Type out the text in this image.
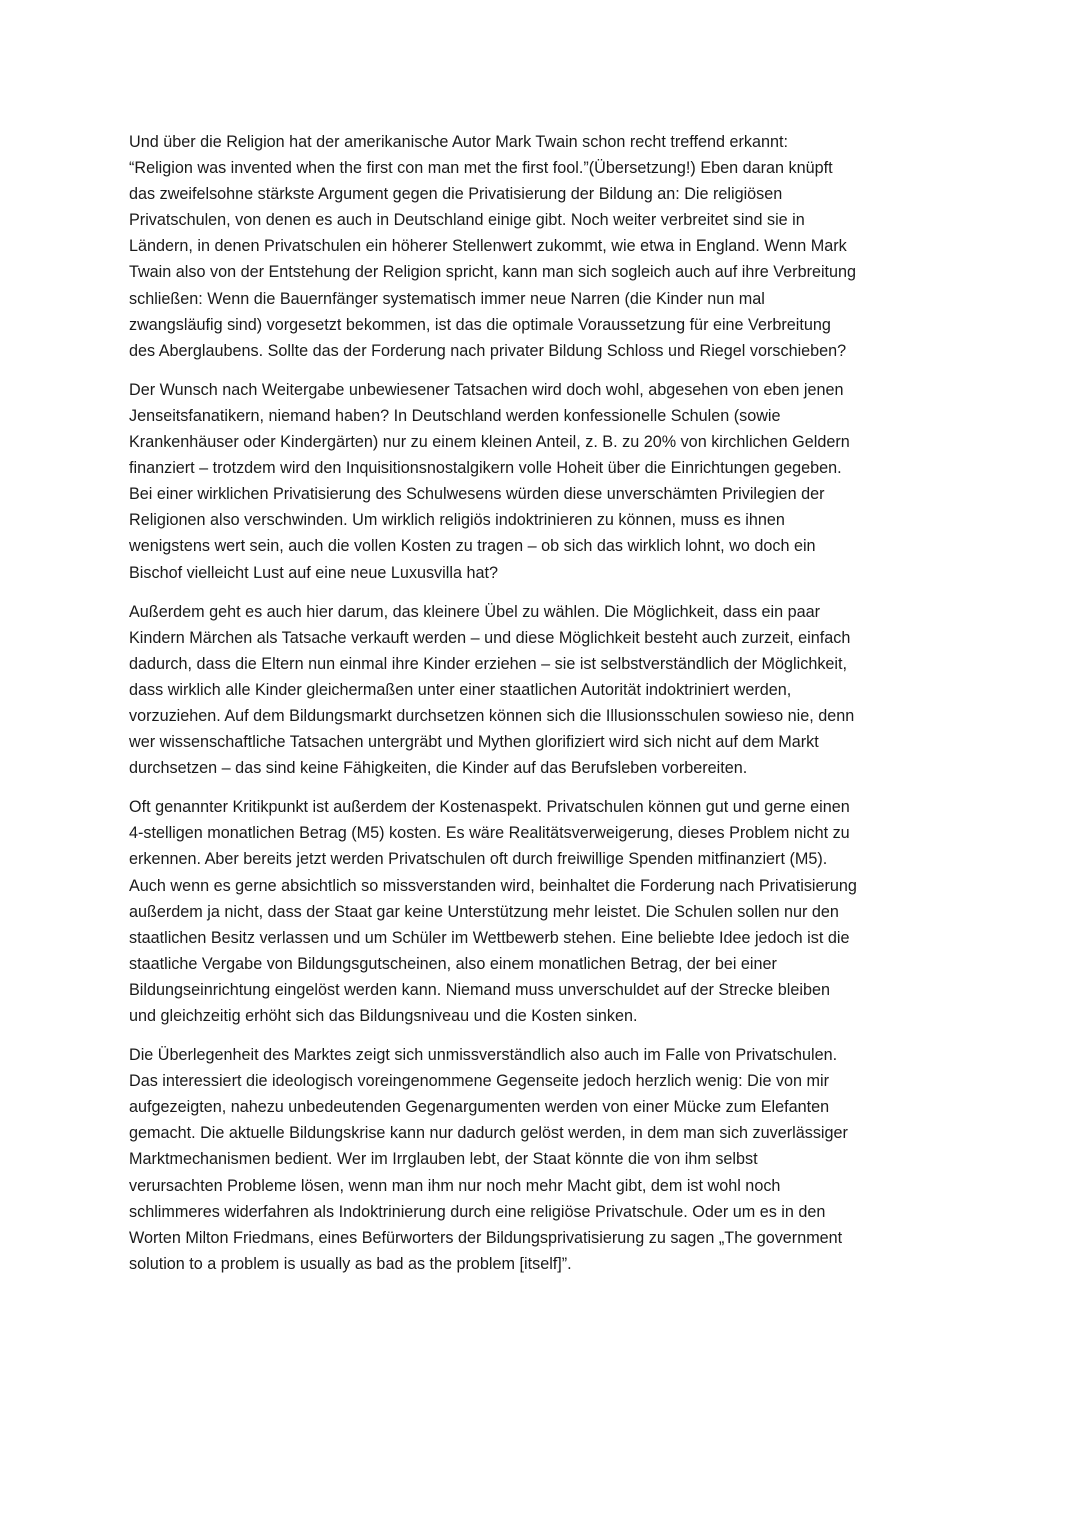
Und über die Religion hat der amerikanische Autor Mark Twain schon recht treffend erkannt:
“Religion was invented when the first con man met the first fool.”(Übersetzung!) Eben daran knüpft
das zweifelsohne stärkste Argument gegen die Privatisierung der Bildung an: Die religiösen
Privatschulen, von denen es auch in Deutschland einige gibt. Noch weiter verbreitet sind sie in
Ländern, in denen Privatschulen ein höherer Stellenwert zukommt, wie etwa in England. Wenn Mark
Twain also von der Entstehung der Religion spricht, kann man sich sogleich auch auf ihre Verbreitung
schließen: Wenn die Bauernfänger systematisch immer neue Narren (die Kinder nun mal
zwangsläufig sind) vorgesetzt bekommen, ist das die optimale Voraussetzung für eine Verbreitung
des Aberglaubens. Sollte das der Forderung nach privater Bildung Schloss und Riegel vorschieben?

Der Wunsch nach Weitergabe unbewiesener Tatsachen wird doch wohl, abgesehen von eben jenen
Jenseitsfanatikern, niemand haben? In Deutschland werden konfessionelle Schulen (sowie
Krankenhäuser oder Kindergärten) nur zu einem kleinen Anteil, z. B. zu 20% von kirchlichen Geldern
finanziert – trotzdem wird den Inquisitionsnostalgikern volle Hoheit über die Einrichtungen gegeben.
Bei einer wirklichen Privatisierung des Schulwesens würden diese unverschämten Privilegien der
Religionen also verschwinden. Um wirklich religiös indoktrinieren zu können, muss es ihnen
wenigstens wert sein, auch die vollen Kosten zu tragen – ob sich das wirklich lohnt, wo doch ein
Bischof vielleicht Lust auf eine neue Luxusvilla hat?

Außerdem geht es auch hier darum, das kleinere Übel zu wählen. Die Möglichkeit, dass ein paar
Kindern Märchen als Tatsache verkauft werden – und diese Möglichkeit besteht auch zurzeit, einfach
dadurch, dass die Eltern nun einmal ihre Kinder erziehen – sie ist selbstverständlich der Möglichkeit,
dass wirklich alle Kinder gleichermaßen unter einer staatlichen Autorität indoktriniert werden,
vorzuziehen. Auf dem Bildungsmarkt durchsetzen können sich die Illusionsschulen sowieso nie, denn
wer wissenschaftliche Tatsachen untergräbt und Mythen glorifiziert wird sich nicht auf dem Markt
durchsetzen – das sind keine Fähigkeiten, die Kinder auf das Berufsleben vorbereiten.

Oft genannter Kritikpunkt ist außerdem der Kostenaspekt. Privatschulen können gut und gerne einen
4-stelligen monatlichen Betrag (M5) kosten. Es wäre Realitätsverweigerung, dieses Problem nicht zu
erkennen. Aber bereits jetzt werden Privatschulen oft durch freiwillige Spenden mitfinanziert (M5).
Auch wenn es gerne absichtlich so missverstanden wird, beinhaltet die Forderung nach Privatisierung
außerdem ja nicht, dass der Staat gar keine Unterstützung mehr leistet. Die Schulen sollen nur den
staatlichen Besitz verlassen und um Schüler im Wettbewerb stehen. Eine beliebte Idee jedoch ist die
staatliche Vergabe von Bildungsgutscheinen, also einem monatlichen Betrag, der bei einer
Bildungseinrichtung eingelöst werden kann. Niemand muss unverschuldet auf der Strecke bleiben
und gleichzeitig erhöht sich das Bildungsniveau und die Kosten sinken.

Die Überlegenheit des Marktes zeigt sich unmissverständlich also auch im Falle von Privatschulen.
Das interessiert die ideologisch voreingenommene Gegenseite jedoch herzlich wenig: Die von mir
aufgezeigten, nahezu unbedeutenden Gegenargumenten werden von einer Mücke zum Elefanten
gemacht. Die aktuelle Bildungskrise kann nur dadurch gelöst werden, in dem man sich zuverlässiger
Marktmechanismen bedient. Wer im Irrglauben lebt, der Staat könnte die von ihm selbst
verursachten Probleme lösen, wenn man ihm nur noch mehr Macht gibt, dem ist wohl noch
schlimmeres widerfahren als Indoktrinierung durch eine religiöse Privatschule. Oder um es in den
Worten Milton Friedmans, eines Befürworters der Bildungsprivatisierung zu sagen „The government
solution to a problem is usually as bad as the problem [itself]”.
